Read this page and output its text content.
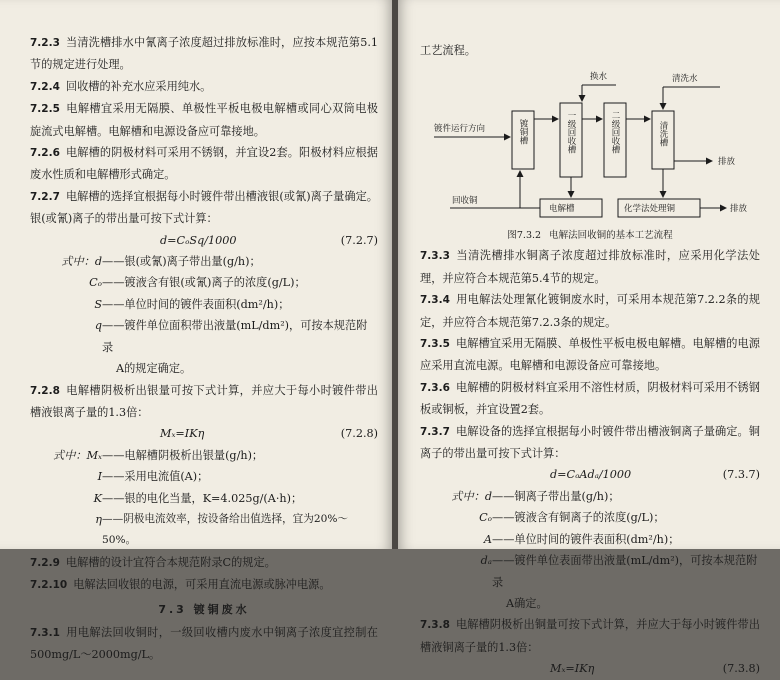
7.2.3 当清洗槽排水中氰离子浓度超过排放标准时，应按本规范第5.1节的规定进行处理。

7.2.4 回收槽的补充水应采用纯水。

7.2.5 电解槽宜采用无隔膜、单极性平板电极电解槽或同心双筒电极旋流式电解槽。电解槽和电源设备应可靠接地。

7.2.6 电解槽的阴极材料可采用不锈钢，并宜设2套。阳极材料应根据废水性质和电解槽形式确定。

7.2.7 电解槽的选择宜根据每小时镀件带出槽液银(或氰)离子量确定。银(或氰)离子的带出量可按下式计算：

d=CₒSq/1000	(7.2.7)
式中：d ——银(或氰)离子带出量(g/h)；
Cₒ ——镀液含有银(或氰)离子的浓度(g/L)；
S ——单位时间的镀件表面积(dm²/h)；
q ——镀件单位面积带出液量(mL/dm²)，可按本规范附录
A的规定确定。

7.2.8 电解槽阴极析出银量可按下式计算，并应大于每小时镀件带出槽液银离子量的1.3倍：

Mₓ=IKη	(7.2.8)
式中：Mₓ ——电解槽阴极析出银量(g/h)；
I ——采用电流值(A)；
K ——银的电化当量，K=4.025g/(A·h)；
η ——阴极电流效率，按设备给出值选择，宜为20%～50%。

7.2.9 电解槽的设计宜符合本规范附录C的规定。

7.2.10 电解法回收银的电源，可采用直流电源或脉冲电源。

7.3 镀铜废水

7.3.1 用电解法回收铜时，一级回收槽内废水中铜离子浓度宜控制在500mg/L～2000mg/L。

工艺流程。

换水	清洗水
镀件运行方向
排放
排放
回收铜
电解槽	化学法处理铜
镀铜槽	一级回收槽	二级回收槽	清洗槽
图7.3.2 电解法回收铜的基本工艺流程

7.3.3 当清洗槽排水铜离子浓度超过排放标准时，应采用化学法处理，并应符合本规范第5.4节的规定。

7.3.4 用电解法处理氰化镀铜废水时，可采用本规范第7.2.2条的规定，并应符合本规范第7.2.3条的规定。

7.3.5 电解槽宜采用无隔膜、单极性平板电极电解槽。电解槽的电源应采用直流电源。电解槽和电源设备应可靠接地。

7.3.6 电解槽的阴极材料宜采用不溶性材质，阴极材料可采用不锈钢板或铜板，并宜设置2套。

7.3.7 电解设备的选择宜根据每小时镀件带出槽液铜离子量确定。铜离子的带出量可按下式计算：

d=CₒAdₐ/1000	(7.3.7)
式中：d ——铜离子带出量(g/h)；
Cₒ ——镀液含有铜离子的浓度(g/L)；
A ——单位时间的镀件表面积(dm²/h)；
dₐ ——镀件单位表面带出液量(mL/dm²)，可按本规范附录
A确定。

7.3.8 电解槽阴极析出铜量可按下式计算，并应大于每小时镀件带出槽液铜离子量的1.3倍：

Mₓ=IKη	(7.3.8)
